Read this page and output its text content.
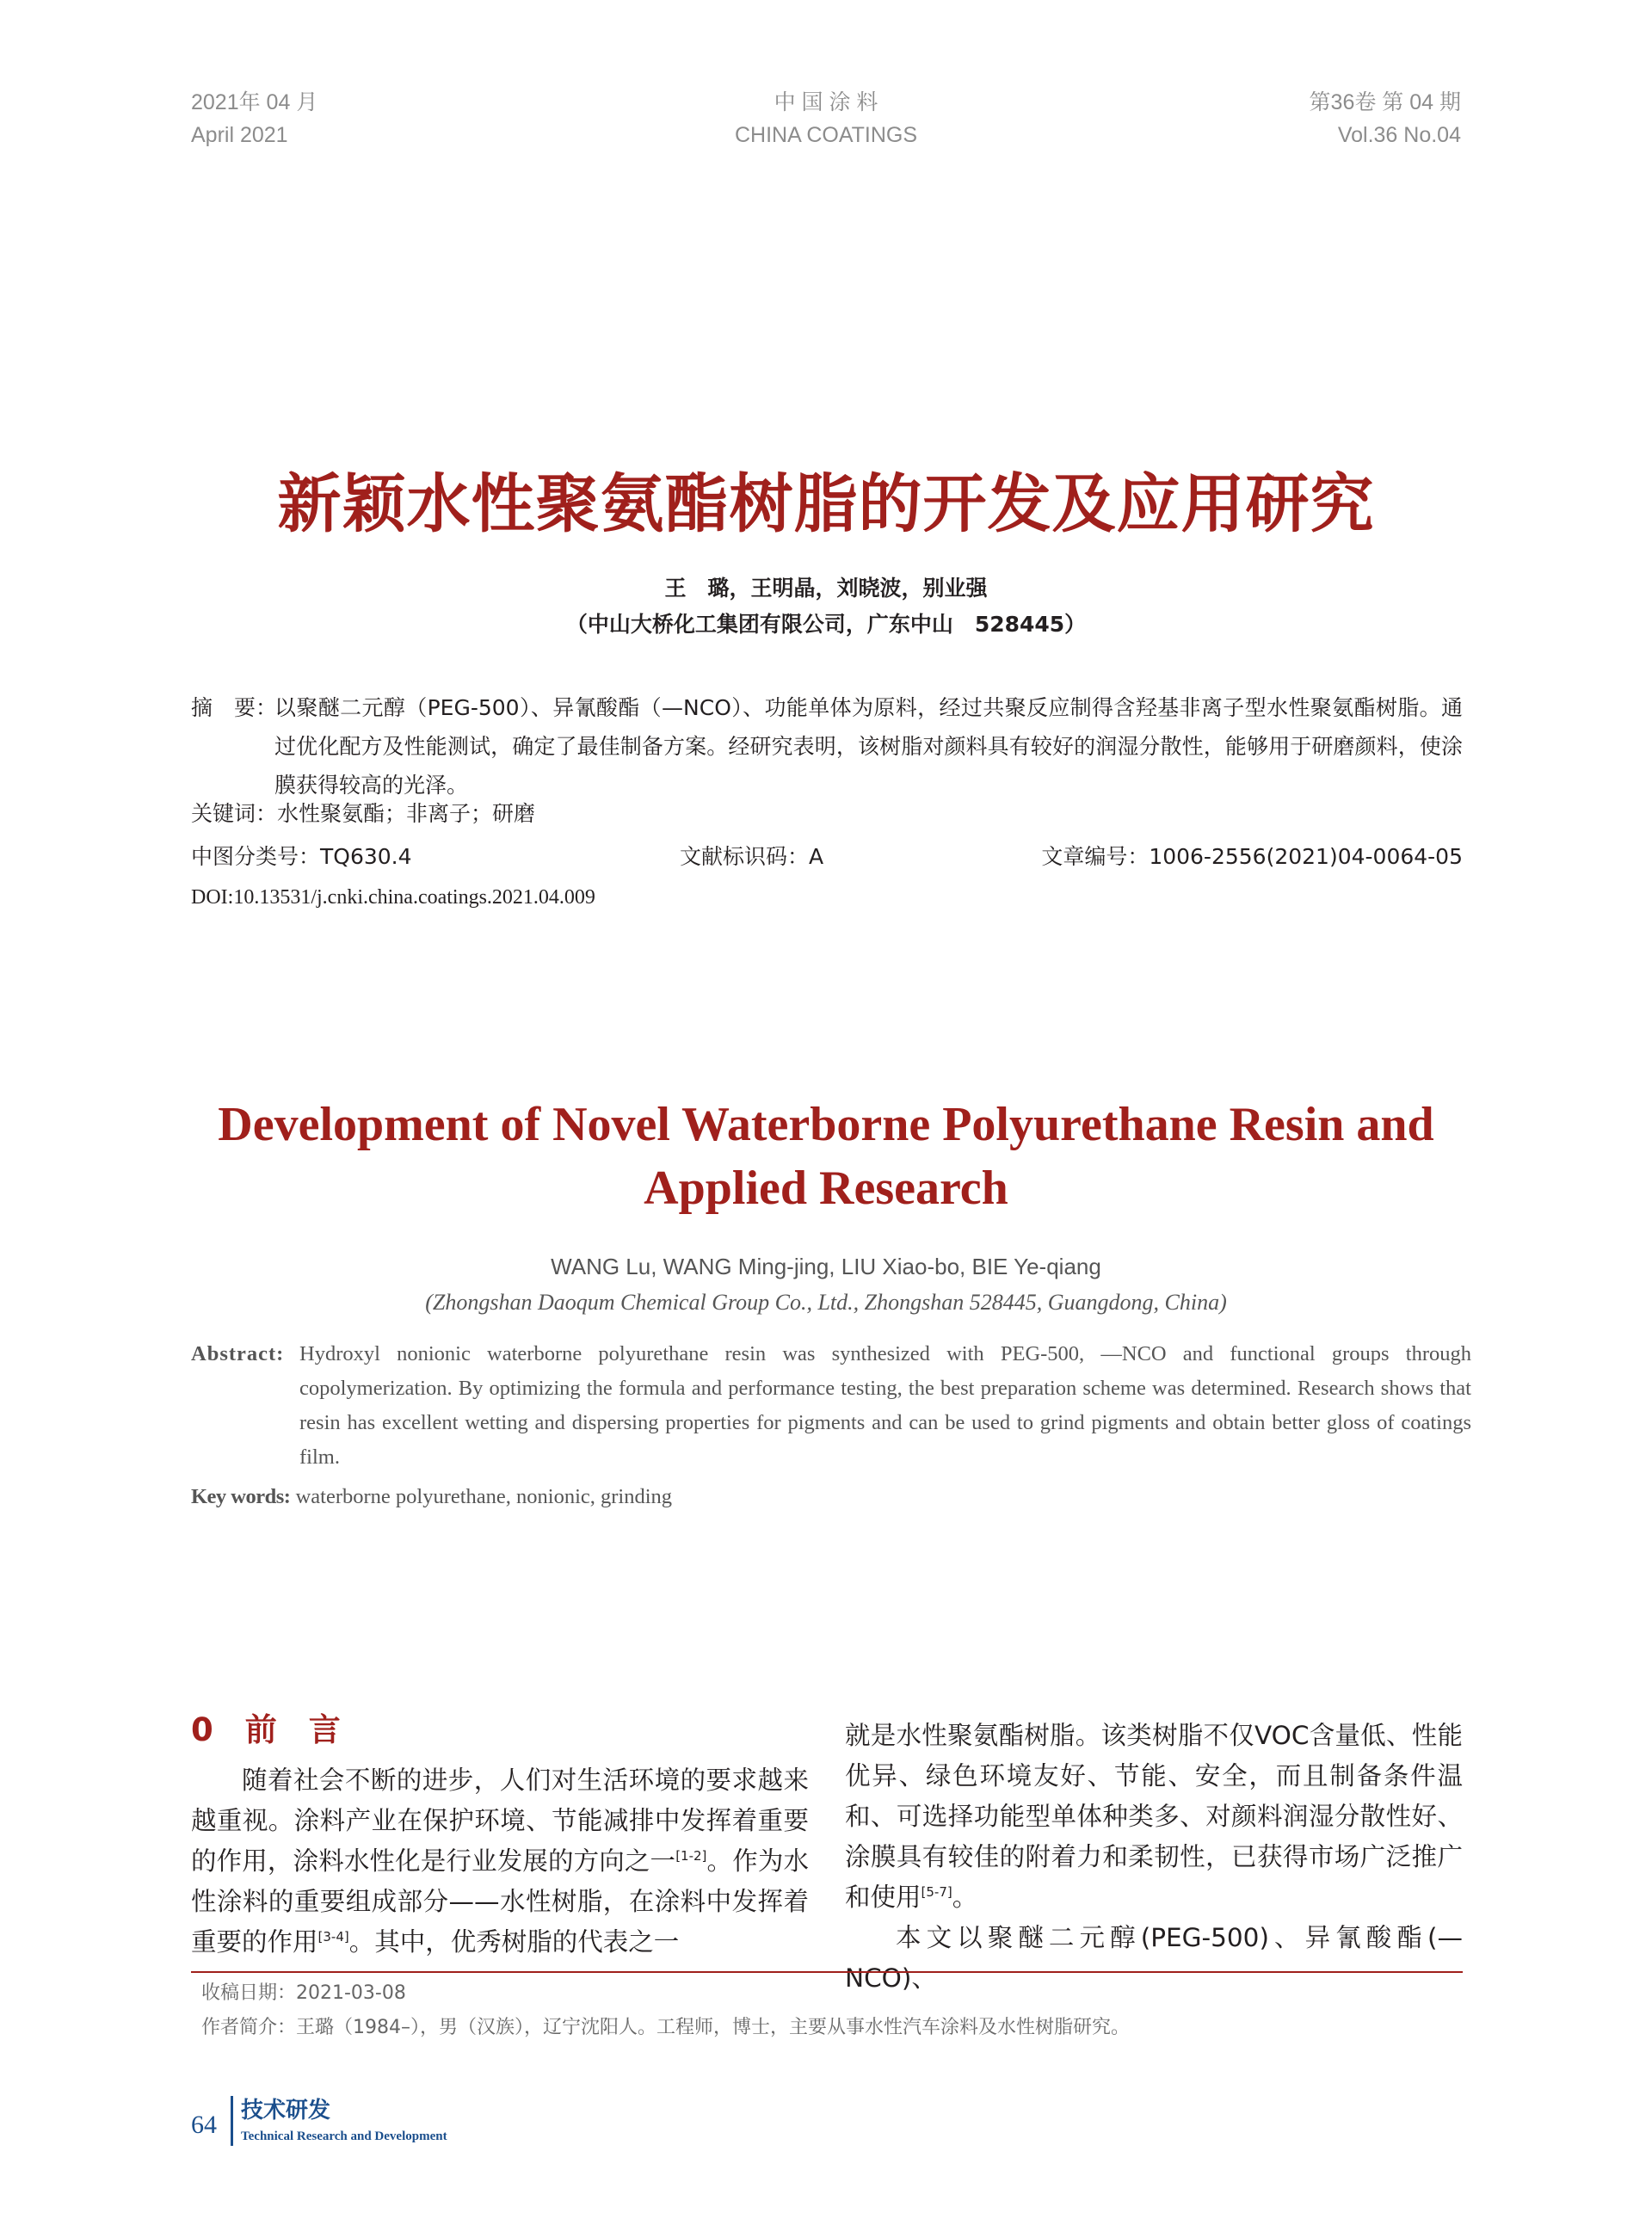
2021年 04 月
April 2021
中 国 涂 料
CHINA COATINGS
第36卷 第 04 期
Vol.36 No.04
新颖水性聚氨酯树脂的开发及应用研究
王　璐，王明晶，刘晓波，别业强
（中山大桥化工集团有限公司，广东中山　528445）
摘　要：
以聚醚二元醇（PEG-500）、异氰酸酯（—NCO）、功能单体为原料，经过共聚反应制得含羟基非离子型水性聚氨酯树脂。通过优化配方及性能测试，确定了最佳制备方案。经研究表明，该树脂对颜料具有较好的润湿分散性，能够用于研磨颜料，使涂膜获得较高的光泽。
关键词：水性聚氨酯；非离子；研磨
中图分类号：TQ630.4	文献标识码：A	文章编号：1006-2556(2021)04-0064-05
DOI:10.13531/j.cnki.china.coatings.2021.04.009
Development of Novel Waterborne Polyurethane Resin and
Applied Research
WANG Lu, WANG Ming-jing, LIU Xiao-bo, BIE Ye-qiang
(Zhongshan Daoqum Chemical Group Co., Ltd., Zhongshan 528445, Guangdong, China)
Abstract: Hydroxyl nonionic waterborne polyurethane resin was synthesized with PEG-500, —NCO and functional groups through copolymerization. By optimizing the formula and performance testing, the best preparation scheme was determined. Research shows that resin has excellent wetting and dispersing properties for pigments and can be used to grind pigments and obtain better gloss of coatings film.
Key words: waterborne polyurethane, nonionic, grinding
0　前　言

随着社会不断的进步，人们对生活环境的要求越来越重视。涂料产业在保护环境、节能减排中发挥着重要的作用，涂料水性化是行业发展的方向之一[1-2]。作为水性涂料的重要组成部分——水性树脂，在涂料中发挥着重要的作用[3-4]。其中，优秀树脂的代表之一

就是水性聚氨酯树脂。该类树脂不仅VOC含量低、性能优异、绿色环境友好、节能、安全，而且制备条件温和、可选择功能型单体种类多、对颜料润湿分散性好、涂膜具有较佳的附着力和柔韧性，已获得市场广泛推广和使用[5-7]。

本文以聚醚二元醇(PEG-500)、异氰酸酯(—NCO)、

收稿日期：2021-03-08
作者简介：王璐（1984–），男（汉族），辽宁沈阳人。工程师，博士，主要从事水性汽车涂料及水性树脂研究。
64 技术研发
Technical Research and Development
